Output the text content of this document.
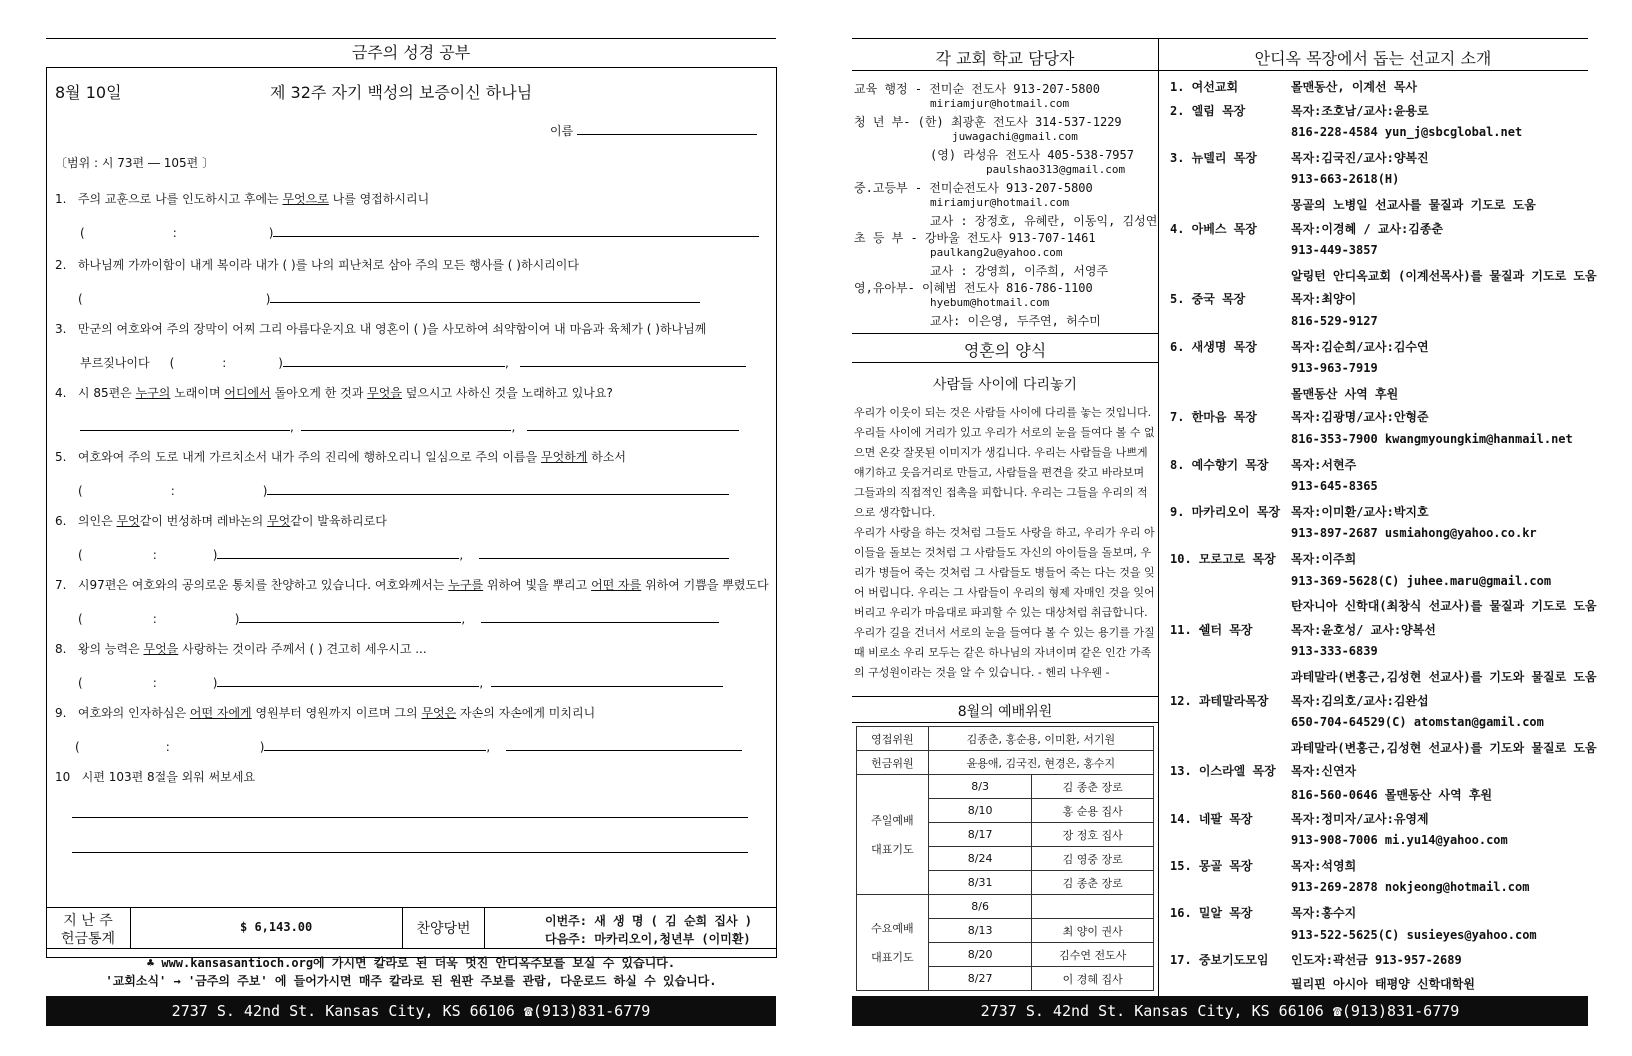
금주의 성경 공부
8월 10일	제 32주 자기 백성의 보증이신 하나님
이름
〔범위 : 시 73편 ― 105편 〕
1. 주의 교훈으로 나를 인도하시고 후에는 무엇으로 나를 영접하시리니
(	:	)
2. 하나님께 가까이함이 내게 복이라 내가 ( )를 나의 피난처로 삼아 주의 모든 행사를 ( )하시리이다
(	)
3. 만군의 여호와여 주의 장막이 어찌 그리 아름다운지요 내 영혼이 ( )을 사모하여 쇠약함이여 내 마음과 육체가 ( )하나님께
부르짖나이다 (	:	)	,
4. 시 85편은 누구의 노래이며 어디에서 돌아오게 한 것과 무엇을 덮으시고 사하신 것을 노래하고 있나요?
,	,
5. 여호와여 주의 도로 내게 가르치소서 내가 주의 진리에 행하오리니 일심으로 주의 이름을 무엇하게 하소서
(	:	)
6. 의인은 무엇같이 번성하며 레바논의 무엇같이 발육하리로다
(	:	)	,
7. 시97편은 여호와의 공의로운 통치를 찬양하고 있습니다. 여호와께서는 누구를 위하여 빛을 뿌리고 어떤 자를 위하여 기쁨을 뿌렸도다
(	:	)	,
8. 왕의 능력은 무엇을 사랑하는 것이라 주께서 ( ) 견고히 세우시고 ...
(	:	)	,
9. 여호와의 인자하심은 어떤 자에게 영원부터 영원까지 이르며 그의 무엇은 자손의 자손에게 미치리니
(	:	)	,
10 시편 103편 8절을 외워 써보세요
지 난 주
헌금통계
$ 6,143.00	찬양당번	이번주: 새 생 명 ( 김 순희 집사 )
다음주: 마카리오이,청년부 (이미환)
♣ www.kansasantioch.org에 가시면 칼라로 된 더욱 멋진 안디옥주보를 보실 수 있습니다.
'교회소식' → '금주의 주보' 에 들어가시면 매주 칼라로 된 원판 주보를 관람, 다운로드 하실 수 있습니다.
2737 S. 42nd St. Kansas City, KS 66106 ☎(913)831-6779
각 교회 학교 담당자
교육 행정 - 전미순 전도사 913-207-5800
miriamjur@hotmail.com
청 년 부- (한) 최광훈 전도사 314-537-1229
juwagachi@gmail.com
(영) 라성유 전도사 405-538-7957
paulshao313@gmail.com
중.고등부 - 전미순전도사 913-207-5800
miriamjur@hotmail.com
교사 : 장정호, 유혜란, 이동익, 김성연
초 등 부 - 강바울 전도사 913-707-1461
paulkang2u@yahoo.com
교사 : 강영희, 이주희, 서영주
영,유아부- 이혜범 전도사 816-786-1100
hyebum@hotmail.com
교사: 이은영, 두주연, 허수미
영혼의 양식
사람들 사이에 다리놓기
우리가 이웃이 되는 것은 사람들 사이에 다리를 놓는 것입니다.
우리들 사이에 거리가 있고 우리가 서로의 눈을 들여다 볼 수 없
으면 온갖 잘못된 이미지가 생깁니다. 우리는 사람들을 나쁘게
얘기하고 웃음거리로 만들고, 사람들을 편견을 갖고 바라보며
그들과의 직접적인 접촉을 피합니다. 우리는 그들을 우리의 적
으로 생각합니다.
우리가 사랑을 하는 것처럼 그들도 사랑을 하고, 우리가 우리 아
이들을 돌보는 것처럼 그 사람들도 자신의 아이들을 돌보며, 우
리가 병들어 죽는 것처럼 그 사람들도 병들어 죽는 다는 것을 잊
어 버립니다. 우리는 그 사람들이 우리의 형제 자매인 것을 잊어
버리고 우리가 마음대로 파괴할 수 있는 대상처럼 취급합니다.
우리가 길을 건너서 서로의 눈을 들여다 볼 수 있는 용기를 가질
때 비로소 우리 모두는 같은 하나님의 자녀이며 같은 인간 가족
의 구성원이라는 것을 알 수 있습니다. - 헨리 나우웬 -
8월의 예배위원
영접위원	김종춘, 홍순용, 이미환, 서기원	
헌금위원	윤용애, 김국진, 현경은, 홍수지	
주일예배

대표기도	8/3	김 종춘 장로
	8/10	홍 순용 집사
	8/17	장 정호 집사
	8/24	김 영중 장로
	8/31	김 종춘 장로
수요예배

대표기도	8/6	
	8/13	최 양이 권사
	8/20	김수연 전도사
	8/27	이 경혜 집사
안디옥 목장에서 돕는 선교지 소개
1. 여선교회	몰맨동산, 이계선 목사
2. 엘림 목장	목자:조호남/교사:윤용로
816-228-4584 yun_j@sbcglobal.net
3. 뉴델리 목장	목자:김국진/교사:양복진
913-663-2618(H)
몽골의 노병일 선교사를 물질과 기도로 도움
4. 아베스 목장	목자:이경혜 / 교사:김종춘
913-449-3857
알링턴 안디옥교회 (이계선목사)를 물질과 기도로 도움
5. 중국 목장	목자:최양이
816-529-9127
6. 새생명 목장	목자:김순희/교사:김수연
913-963-7919
몰맨동산 사역 후원
7. 한마음 목장	목자:김광명/교사:안형준
816-353-7900 kwangmyoungkim@hanmail.net
8. 예수향기 목장 목자:서현주
913-645-8365
9. 마카리오이 목장 목자:이미환/교사:박지호
913-897-2687 usmiahong@yahoo.co.kr
10. 모로고로 목장 목자:이주희
913-369-5628(C) juhee.maru@gmail.com
탄자니아 신학대(최창식 선교사)를 물질과 기도로 도움
11. 쉘터 목장	목자:윤호성/ 교사:양복선
913-333-6839
과테말라(변홍근,김성현 선교사)를 기도와 물질로 도움
12. 과테말라목장 목자:김의호/교사:김완섭
650-704-64529(C) atomstan@gamil.com
과테말라(변홍근,김성현 선교사)를 기도와 물질로 도움
13. 이스라엘 목장 목자:신연자
816-560-0646 몰맨동산 사역 후원
14. 네팔 목장	목자:정미자/교사:유영제
913-908-7006 mi.yu14@yahoo.com
15. 몽골 목장	목자:석영희
913-269-2878 nokjeong@hotmail.com
16. 밀알 목장	목자:홍수지
913-522-5625(C) susieyes@yahoo.com
17. 중보기도모임 인도자:곽선금 913-957-2689
필리핀 아시아 태평양 신학대학원
2737 S. 42nd St. Kansas City, KS 66106 ☎(913)831-6779
